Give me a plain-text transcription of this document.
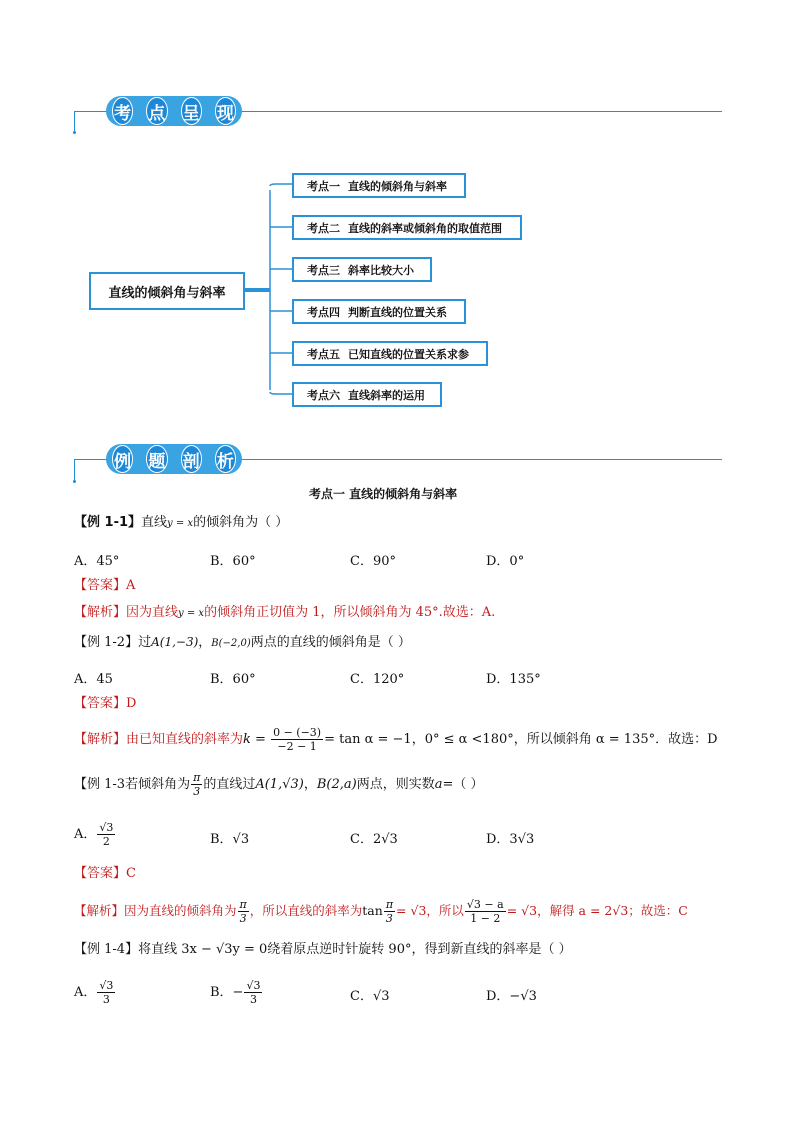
考 点 呈 现
直线的倾斜角与斜率
考点一 直线的倾斜角与斜率
考点二 直线的斜率或倾斜角的取值范围
考点三 斜率比较大小
考点四 判断直线的位置关系
考点五 已知直线的位置关系求参
考点六 直线斜率的运用
例 题 剖 析
考点一 直线的倾斜角与斜率
【例 1-1】直线y = x的倾斜角为（ ）
A．45°	B．60°	C．90°	D．0°
【答案】A
【解析】因为直线y = x的倾斜角正切值为 1，所以倾斜角为 45°.故选：A.
【例 1-2】过A(1,−3)，B(−2,0)两点的直线的倾斜角是（ ）
A．45	B．60°	C．120°	D．135°
【答案】D
【解析】由已知直线的斜率为$k = \frac{0 - (-3)}{-2 - 1} = \tan \alpha = -1$，0° ≤ α <180°，所以倾斜角 α = 135°．故选：D
【例 1-3若倾斜角为 $\frac{\pi}{3}$ 的直线过A(1,√3)，B(2,a)两点，则实数a=（ ）
A． $\frac{√3}{2}$	B．√3	C．2√3	D．3√3
【答案】C
【解析】因为直线的倾斜角为 $\frac{\pi}{3}$ ，所以直线的斜率为$\tan \frac{\pi}{3} = √3$，所以 $\frac{√3 - a}{1 - 2} = √3$，解得 a = 2√3；故选：C
【例 1-4】将直线 3x − √3y = 0绕着原点逆时针旋转 90°，得到新直线的斜率是（ ）
A． $\frac{√3}{3}$	B．− $\frac{√3}{3}$	C．√3	D．−√3
